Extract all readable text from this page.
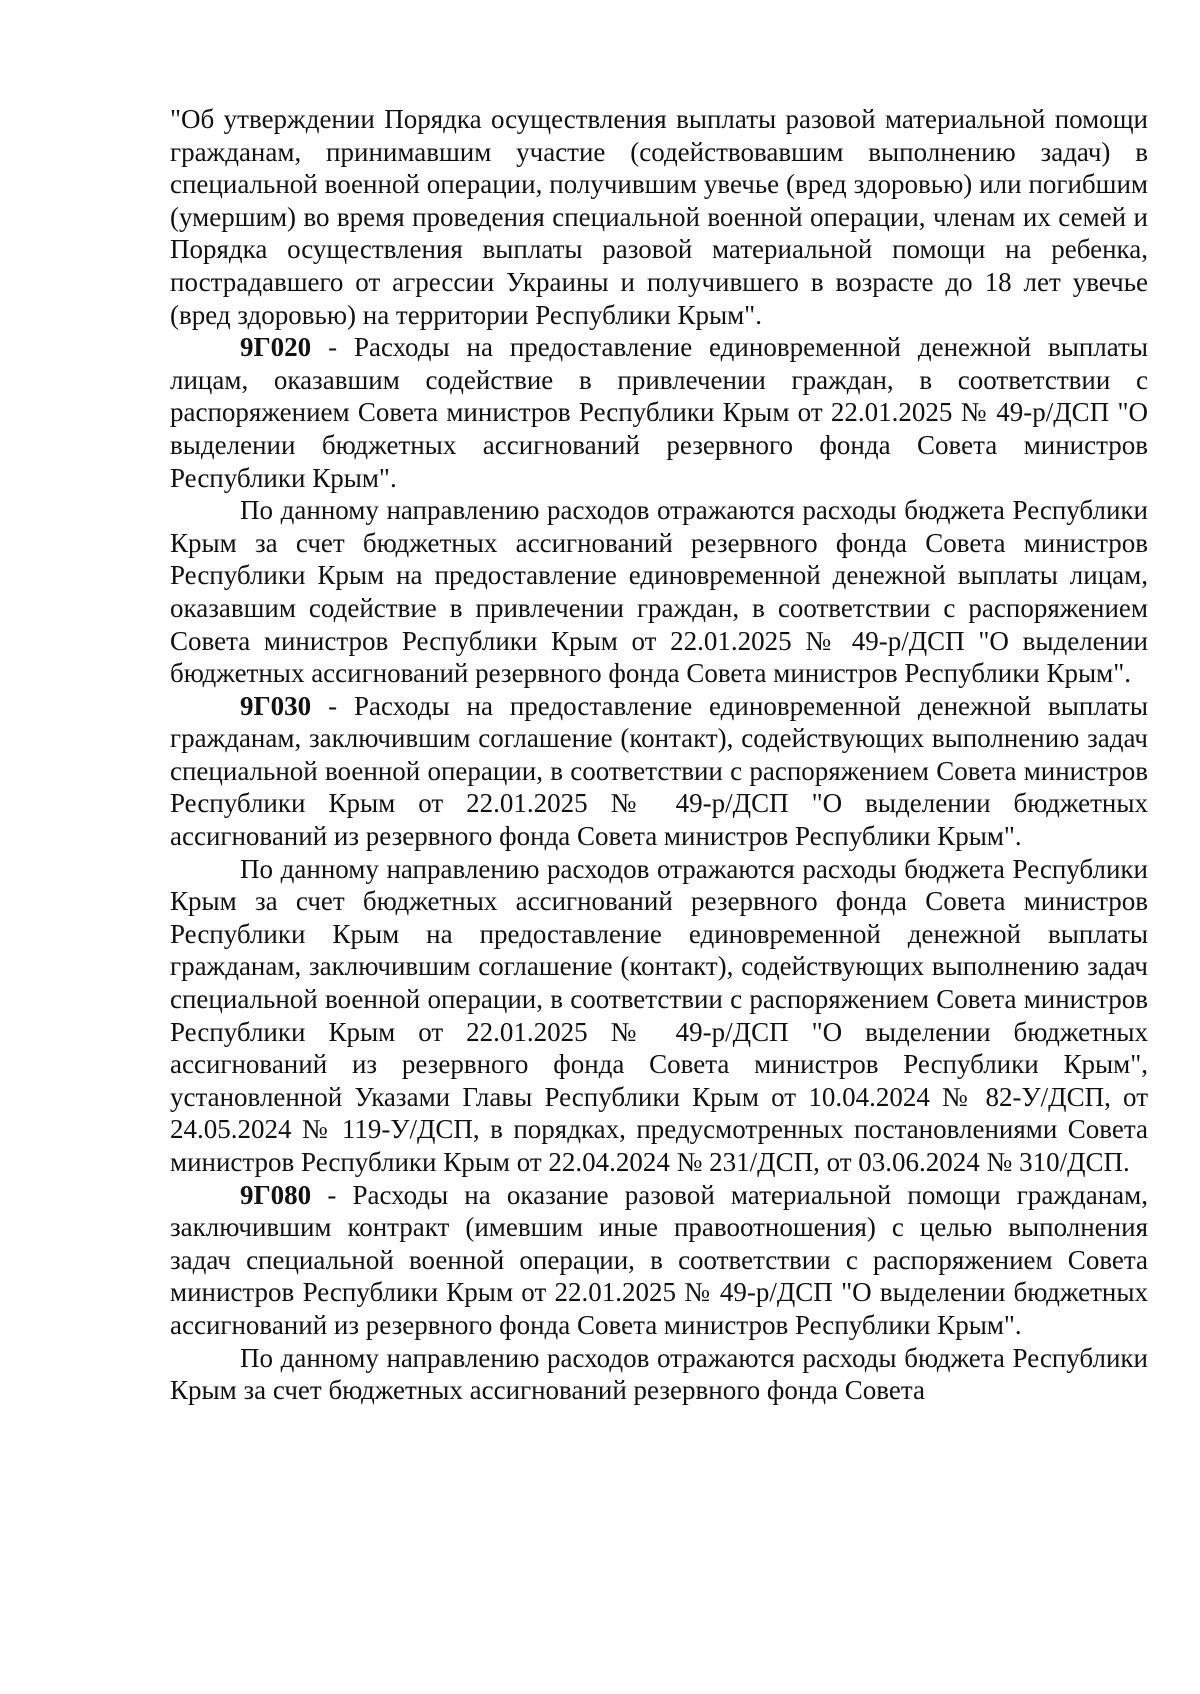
"Об утверждении Порядка осуществления выплаты разовой материальной помощи гражданам, принимавшим участие (содействовавшим выполнению задач) в специальной военной операции, получившим увечье (вред здоровью) или погибшим (умершим) во время проведения специальной военной операции, членам их семей и Порядка осуществления выплаты разовой материальной помощи на ребенка, пострадавшего от агрессии Украины и получившего в возрасте до 18 лет увечье (вред здоровью) на территории Республики Крым".

9Г020 - Расходы на предоставление единовременной денежной выплаты лицам, оказавшим содействие в привлечении граждан, в соответствии с распоряжением Совета министров Республики Крым от 22.01.2025 № 49-р/ДСП "О выделении бюджетных ассигнований резервного фонда Совета министров Республики Крым".

По данному направлению расходов отражаются расходы бюджета Республики Крым за счет бюджетных ассигнований резервного фонда Совета министров Республики Крым на предоставление единовременной денежной выплаты лицам, оказавшим содействие в привлечении граждан, в соответствии с распоряжением Совета министров Республики Крым от 22.01.2025 № 49-р/ДСП "О выделении бюджетных ассигнований резервного фонда Совета министров Республики Крым".

9Г030 - Расходы на предоставление единовременной денежной выплаты гражданам, заключившим соглашение (контакт), содействующих выполнению задач специальной военной операции, в соответствии с распоряжением Совета министров Республики Крым от 22.01.2025 № 49-р/ДСП "О выделении бюджетных ассигнований из резервного фонда Совета министров Республики Крым".

По данному направлению расходов отражаются расходы бюджета Республики Крым за счет бюджетных ассигнований резервного фонда Совета министров Республики Крым на предоставление единовременной денежной выплаты гражданам, заключившим соглашение (контакт), содействующих выполнению задач специальной военной операции, в соответствии с распоряжением Совета министров Республики Крым от 22.01.2025 № 49-р/ДСП "О выделении бюджетных ассигнований из резервного фонда Совета министров Республики Крым", установленной Указами Главы Республики Крым от 10.04.2024 № 82-У/ДСП, от 24.05.2024 № 119-У/ДСП, в порядках, предусмотренных постановлениями Совета министров Республики Крым от 22.04.2024 № 231/ДСП, от 03.06.2024 № 310/ДСП.

9Г080 - Расходы на оказание разовой материальной помощи гражданам, заключившим контракт (имевшим иные правоотношения) с целью выполнения задач специальной военной операции, в соответствии с распоряжением Совета министров Республики Крым от 22.01.2025 № 49-р/ДСП "О выделении бюджетных ассигнований из резервного фонда Совета министров Республики Крым".

По данному направлению расходов отражаются расходы бюджета Республики Крым за счет бюджетных ассигнований резервного фонда Совета
